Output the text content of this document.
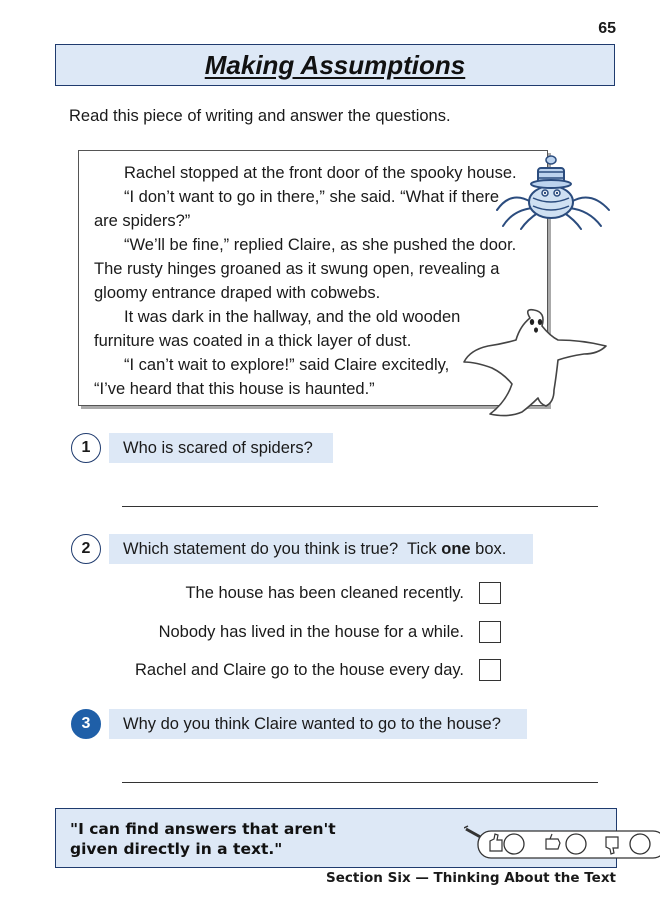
65
Making Assumptions
Read this piece of writing and answer the questions.
Rachel stopped at the front door of the spooky house.
“I don’t want to go in there,” she said. “What if there
are spiders?”
“We’ll be fine,” replied Claire, as she pushed the door.
The rusty hinges groaned as it swung open, revealing a
gloomy entrance draped with cobwebs.
It was dark in the hallway, and the old wooden
furniture was coated in a thick layer of dust.
“I can’t wait to explore!” said Claire excitedly,
“I’ve heard that this house is haunted.”
1	Who is scared of spiders?
2	Which statement do you think is true?  Tick one box.
The house has been cleaned recently.
Nobody has lived in the house for a while.
Rachel and Claire go to the house every day.
3	Why do you think Claire wanted to go to the house?
"I can find answers that aren't
given directly in a text."
Section Six — Thinking About the Text
